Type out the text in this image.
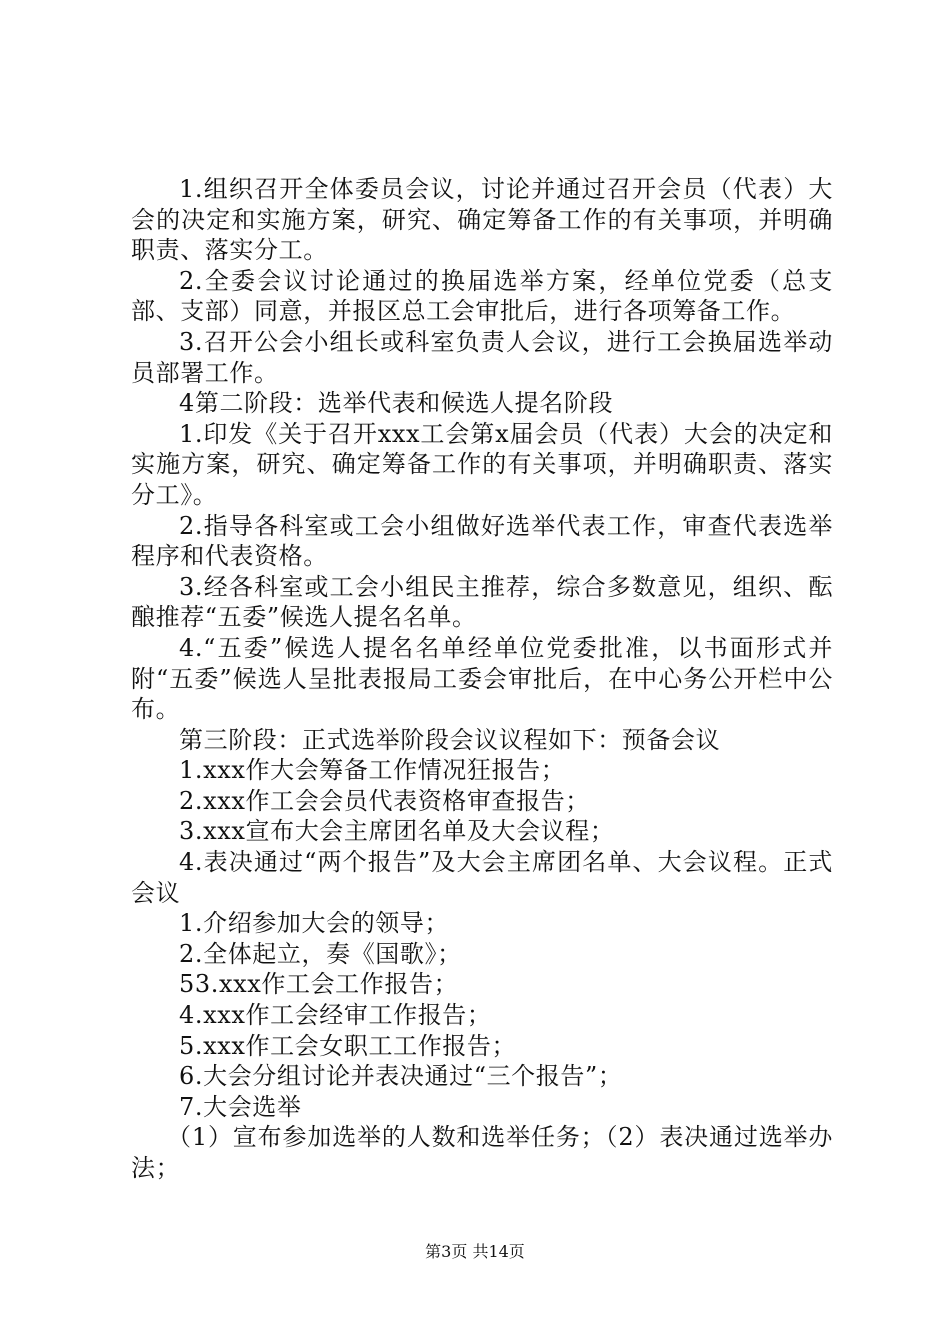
1.组织召开全体委员会议，讨论并通过召开会员（代表）大会的决定和实施方案，研究、确定筹备工作的有关事项，并明确职责、落实分工。

2.全委会议讨论通过的换届选举方案，经单位党委（总支部、支部）同意，并报区总工会审批后，进行各项筹备工作。

3.召开公会小组长或科室负责人会议，进行工会换届选举动员部署工作。

4第二阶段：选举代表和候选人提名阶段

1.印发《关于召开xxx工会第x届会员（代表）大会的决定和实施方案，研究、确定筹备工作的有关事项，并明确职责、落实分工》。

2.指导各科室或工会小组做好选举代表工作，审查代表选举程序和代表资格。

3.经各科室或工会小组民主推荐，综合多数意见，组织、酝酿推荐“五委”候选人提名名单。

4.“五委”候选人提名名单经单位党委批准，以书面形式并附“五委”候选人呈批表报局工委会审批后，在中心务公开栏中公布。

第三阶段：正式选举阶段会议议程如下：预备会议

1.xxx作大会筹备工作情况狂报告；

2.xxx作工会会员代表资格审查报告；

3.xxx宣布大会主席团名单及大会议程；

4.表决通过“两个报告”及大会主席团名单、大会议程。正式会议

1.介绍参加大会的领导；

2.全体起立，奏《国歌》；

53.xxx作工会工作报告；

4.xxx作工会经审工作报告；

5.xxx作工会女职工工作报告；

6.大会分组讨论并表决通过“三个报告”；

7.大会选举

（1）宣布参加选举的人数和选举任务；（2）表决通过选举办法；

第3页 共14页
